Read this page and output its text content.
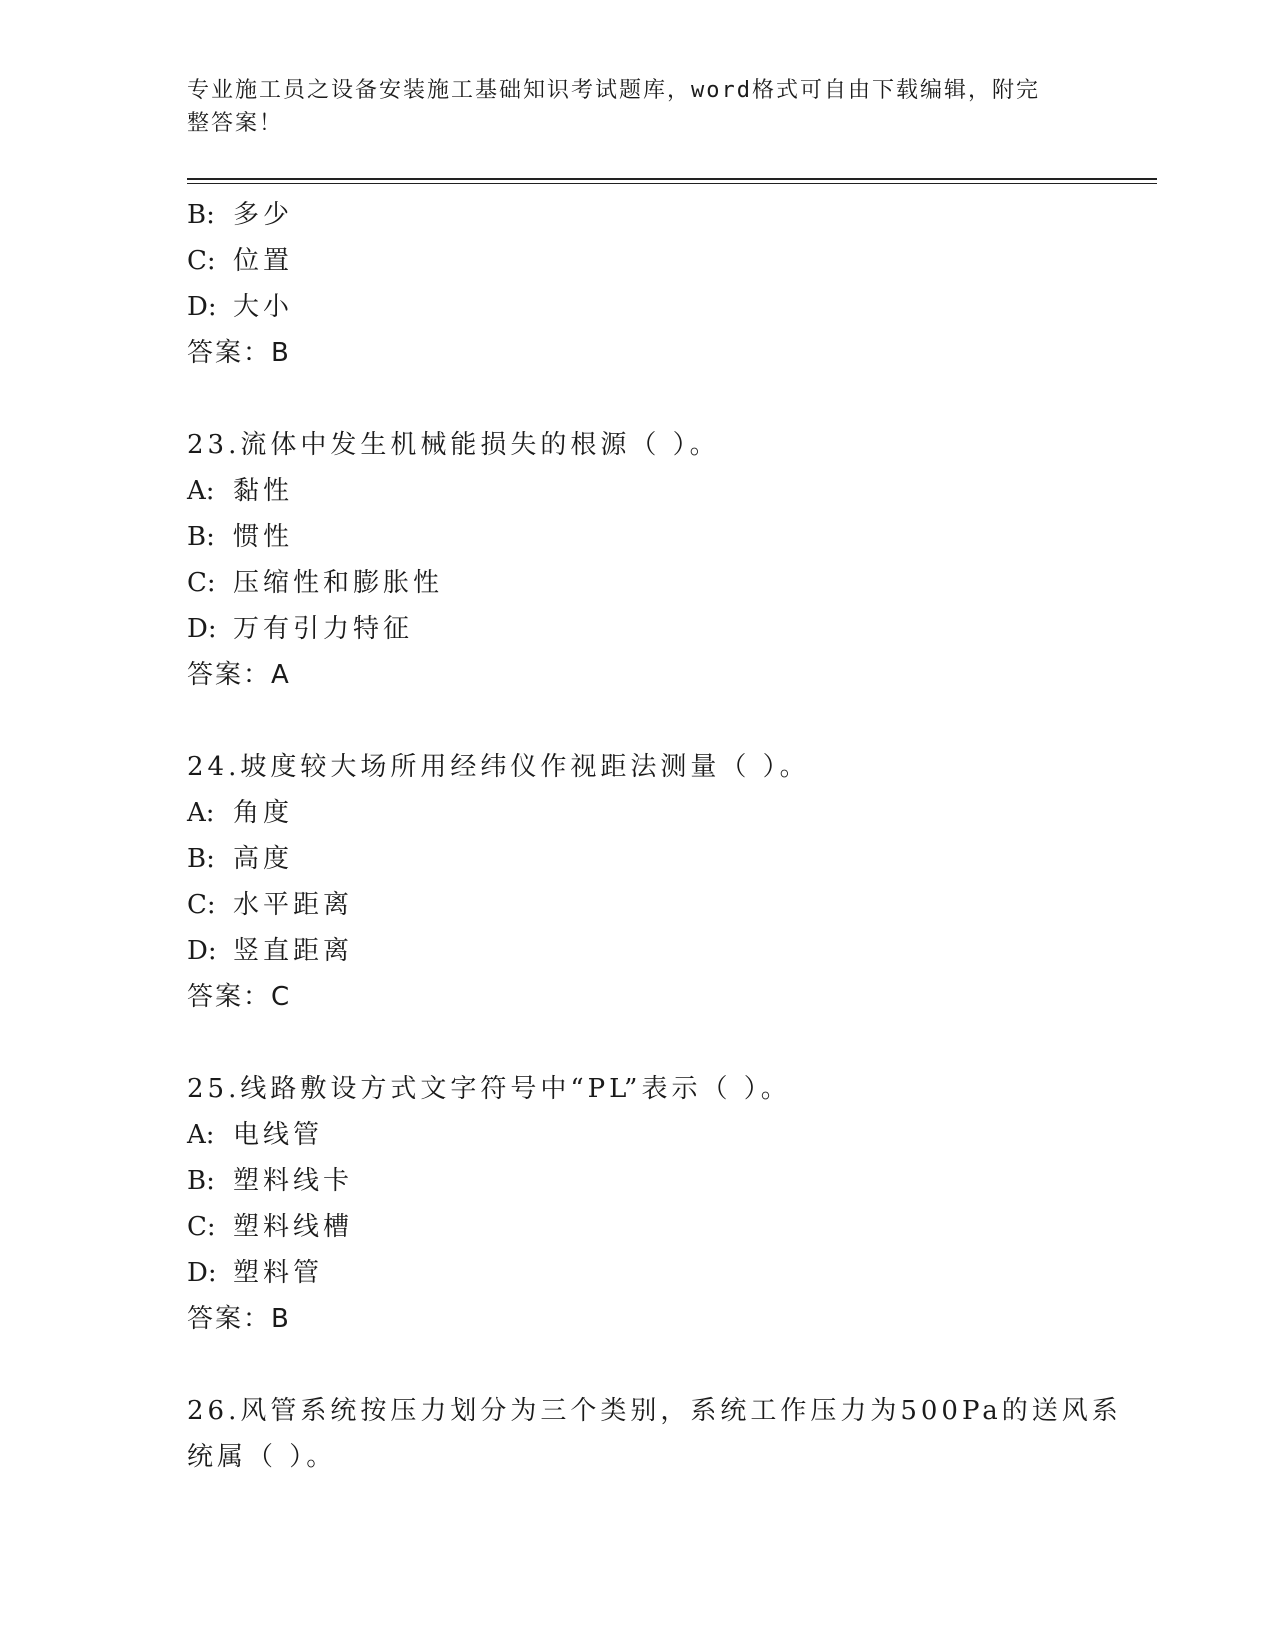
专业施工员之设备安装施工基础知识考试题库，word格式可自由下载编辑，附完
整答案！
B: 多少
C: 位置
D: 大小
答案：B
23.流体中发生机械能损失的根源（ ）。
A: 黏性
B: 惯性
C: 压缩性和膨胀性
D: 万有引力特征
答案：A
24.坡度较大场所用经纬仪作视距法测量（ ）。
A: 角度
B: 高度
C: 水平距离
D: 竖直距离
答案：C
25.线路敷设方式文字符号中“PL”表示（ ）。
A: 电线管
B: 塑料线卡
C: 塑料线槽
D: 塑料管
答案：B
26.风管系统按压力划分为三个类别，系统工作压力为500Pa的送风系
统属（ ）。
